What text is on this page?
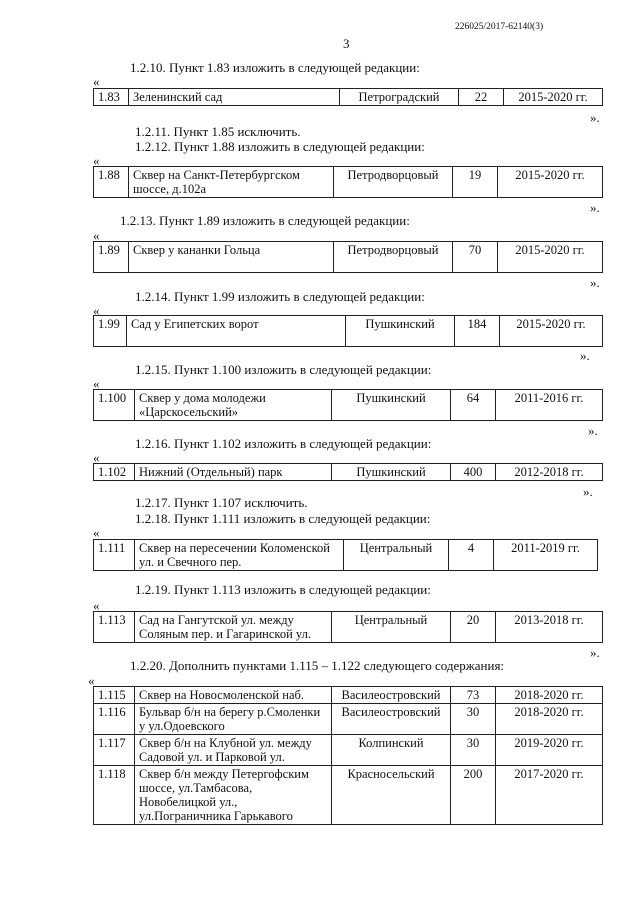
226025/2017-62140(3)
3
1.2.10. Пункт 1.83 изложить в следующей редакции:
«
1.83	Зеленинский сад	Петроградский	22	2015-2020 гг.
».
1.2.11. Пункт 1.85 исключить.
1.2.12. Пункт 1.88 изложить в следующей редакции:
«
1.88	Сквер на Санкт-Петербургском шоссе, д.102а	Петродворцовый	19	2015-2020 гг.
».
1.2.13. Пункт 1.89 изложить в следующей редакции:
«
1.89	Сквер у кананки Гольца	Петродворцовый	70	2015-2020 гг.
».
1.2.14. Пункт 1.99 изложить в следующей редакции:
«
1.99	Сад у Египетских ворот	Пушкинский	184	2015-2020 гг.
».
1.2.15. Пункт 1.100 изложить в следующей редакции:
«
1.100	Сквер у дома молодежи «Царскосельский»	Пушкинский	64	2011-2016 гг.
».
1.2.16. Пункт 1.102 изложить в следующей редакции:
«
1.102	Нижний (Отдельный) парк	Пушкинский	400	2012-2018 гг.
».
1.2.17. Пункт 1.107 исключить.
1.2.18. Пункт 1.111 изложить в следующей редакции:
«
1.111	Сквер на пересечении Коломенской ул. и Свечного пер.	Центральный	4	2011-2019 гг.
1.2.19. Пункт 1.113 изложить в следующей редакции:
«
1.113	Сад на Гангутской ул. между Соляным пер. и Гагаринской ул.	Центральный	20	2013-2018 гг.
».
1.2.20. Дополнить пунктами 1.115 – 1.122 следующего содержания:
«
1.115	Сквер на Новосмоленской наб.	Василеостровский	73	2018-2020 гг.
1.116	Бульвар б/н на берегу р.Смоленки у ул.Одоевского	Василеостровский	30	2018-2020 гг.
1.117	Сквер б/н на Клубной ул. между Садовой ул. и Парковой ул.	Колпинский	30	2019-2020 гг.
1.118	Сквер б/н между Петергофским шоссе, ул.Тамбасова, Новобелицкой ул., ул.Пограничника Гарькавого	Красносельский	200	2017-2020 гг.
